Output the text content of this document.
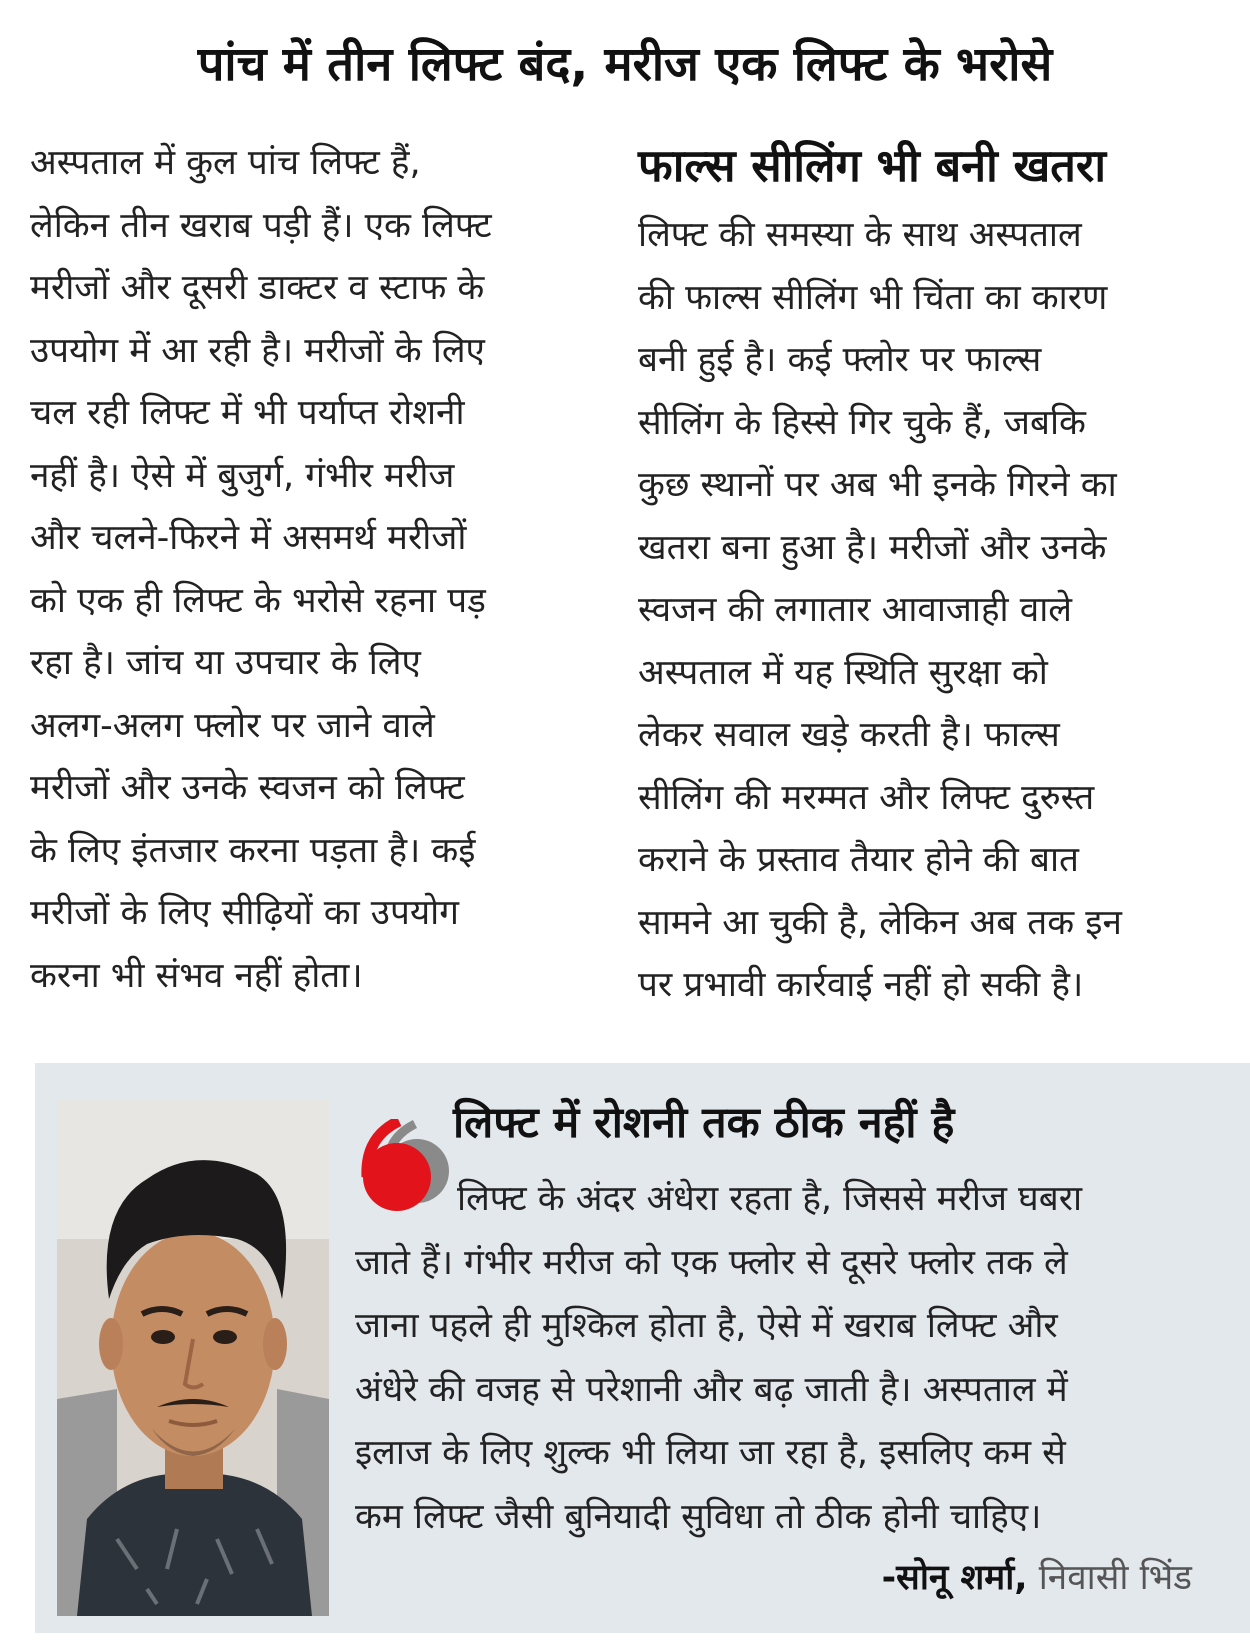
पांच में तीन लिफ्ट बंद, मरीज एक लिफ्ट के भरोसे
अस्पताल में कुल पांच लिफ्ट हैं,
लेकिन तीन खराब पड़ी हैं। एक लिफ्ट
मरीजों और दूसरी डाक्टर व स्टाफ के
उपयोग में आ रही है। मरीजों के लिए
चल रही लिफ्ट में भी पर्याप्त रोशनी
नहीं है। ऐसे में बुजुर्ग, गंभीर मरीज
और चलने-फिरने में असमर्थ मरीजों
को एक ही लिफ्ट के भरोसे रहना पड़
रहा है। जांच या उपचार के लिए
अलग-अलग फ्लोर पर जाने वाले
मरीजों और उनके स्वजन को लिफ्ट
के लिए इंतजार करना पड़ता है। कई
मरीजों के लिए सीढ़ियों का उपयोग
करना भी संभव नहीं होता।
फाल्स सीलिंग भी बनी खतरा
लिफ्ट की समस्या के साथ अस्पताल
की फाल्स सीलिंग भी चिंता का कारण
बनी हुई है। कई फ्लोर पर फाल्स
सीलिंग के हिस्से गिर चुके हैं, जबकि
कुछ स्थानों पर अब भी इनके गिरने का
खतरा बना हुआ है। मरीजों और उनके
स्वजन की लगातार आवाजाही वाले
अस्पताल में यह स्थिति सुरक्षा को
लेकर सवाल खड़े करती है। फाल्स
सीलिंग की मरम्मत और लिफ्ट दुरुस्त
कराने के प्रस्ताव तैयार होने की बात
सामने आ चुकी है, लेकिन अब तक इन
पर प्रभावी कार्रवाई नहीं हो सकी है।
लिफ्ट में रोशनी तक ठीक नहीं है
लिफ्ट के अंदर अंधेरा रहता है, जिससे मरीज घबरा
जाते हैं। गंभीर मरीज को एक फ्लोर से दूसरे फ्लोर तक ले
जाना पहले ही मुश्किल होता है, ऐसे में खराब लिफ्ट और
अंधेरे की वजह से परेशानी और बढ़ जाती है। अस्पताल में
इलाज के लिए शुल्क भी लिया जा रहा है, इसलिए कम से
कम लिफ्ट जैसी बुनियादी सुविधा तो ठीक होनी चाहिए।
-सोनू शर्मा, निवासी भिंड
